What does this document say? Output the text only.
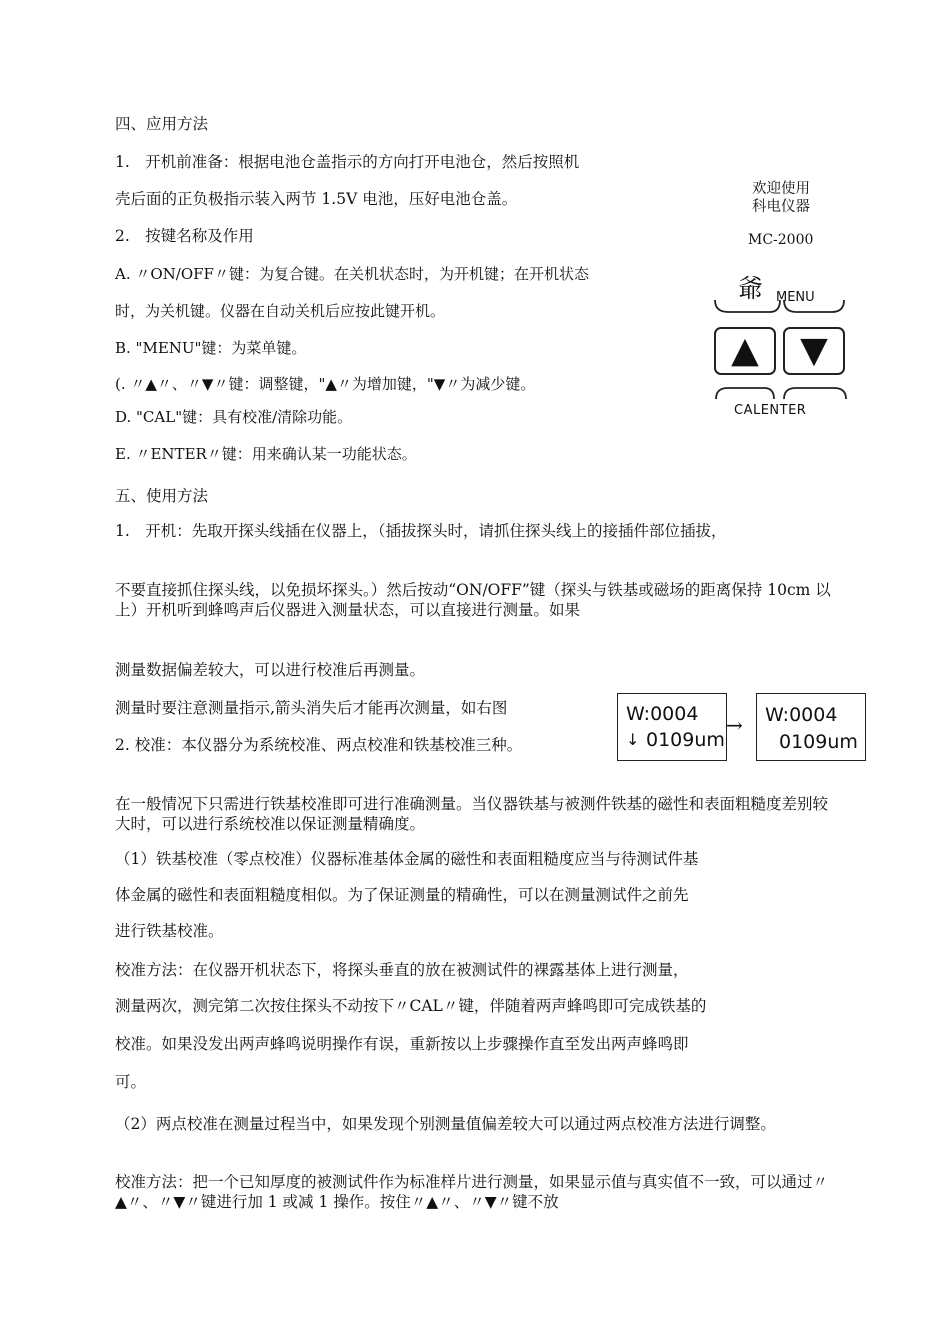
四、应用方法
1.　开机前准备：根据电池仓盖指示的方向打开电池仓，然后按照机
壳后面的正负极指示装入两节 1.5V 电池，压好电池仓盖。
2.　按键名称及作用
A. 〃ON/OFF〃键：为复合键。在关机状态时，为开机键；在开机状态
时，为关机键。仪器在自动关机后应按此键开机。
B. "MENU"键：为菜单键。
(. 〃▲〃、〃▼〃键：调整键，"▲〃为增加键，"▼〃为减少键。
D. "CAL"键：具有校准/清除功能。
E. 〃ENTER〃键：用来确认某一功能状态。
欢迎使用
科电仪器
MC-2000
爺 MENU
▲	▼
CALENTER
五、使用方法
1.　开机：先取开探头线插在仪器上，（插拔探头时，请抓住探头线上的接插件部位插拔，
不要直接抓住探头线，以免损坏探头。）然后按动“ON/OFF”键（探头与铁基或磁场的距离保持 10cm 以上）开机听到蜂鸣声后仪器进入测量状态，可以直接进行测量。如果
测量数据偏差较大，可以进行校准后再测量。
测量时要注意测量指示,箭头消失后才能再次测量，如右图
2. 校准：本仪器分为系统校准、两点校准和铁基校准三种。
W:0004
↓ 0109um
→ W:0004
0109um
在一般情况下只需进行铁基校准即可进行准确测量。当仪器铁基与被测件铁基的磁性和表面粗糙度差别较大时，可以进行系统校准以保证测量精确度。
（1）铁基校准（零点校准）仪器标准基体金属的磁性和表面粗糙度应当与待测试件基
体金属的磁性和表面粗糙度相似。为了保证测量的精确性，可以在测量测试件之前先
进行铁基校准。
校准方法：在仪器开机状态下，将探头垂直的放在被测试件的裸露基体上进行测量，
测量两次，测完第二次按住探头不动按下〃CAL〃键，伴随着两声蜂鸣即可完成铁基的
校准。如果没发出两声蜂鸣说明操作有误，重新按以上步骤操作直至发出两声蜂鸣即
可。
（2）两点校准在测量过程当中，如果发现个别测量值偏差较大可以通过两点校准方法进行调整。
校准方法：把一个已知厚度的被测试件作为标准样片进行测量，如果显示值与真实值不一致，可以通过〃▲〃、〃▼〃键进行加 1 或减 1 操作。按住〃▲〃、〃▼〃键不放
